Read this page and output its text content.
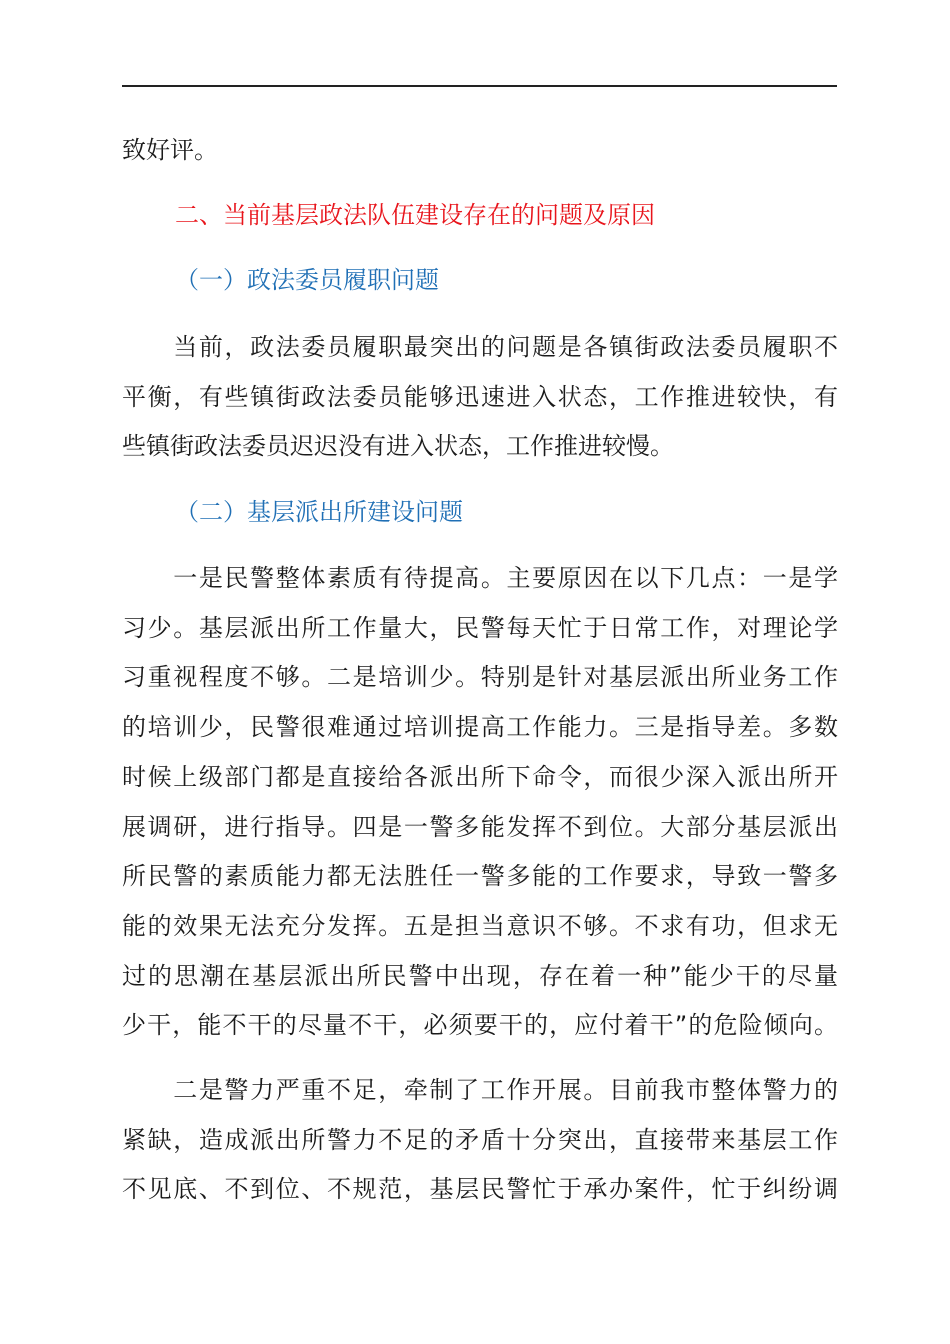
致好评。
二、当前基层政法队伍建设存在的问题及原因
（一）政法委员履职问题
　　当前，政法委员履职最突出的问题是各镇街政法委员履职不
平衡，有些镇街政法委员能够迅速进入状态，工作推进较快，有
些镇街政法委员迟迟没有进入状态，工作推进较慢。
（二）基层派出所建设问题
　　一是民警整体素质有待提高。主要原因在以下几点：一是学
习少。基层派出所工作量大，民警每天忙于日常工作，对理论学
习重视程度不够。二是培训少。特别是针对基层派出所业务工作
的培训少，民警很难通过培训提高工作能力。三是指导差。多数
时候上级部门都是直接给各派出所下命令，而很少深入派出所开
展调研，进行指导。四是一警多能发挥不到位。大部分基层派出
所民警的素质能力都无法胜任一警多能的工作要求，导致一警多
能的效果无法充分发挥。五是担当意识不够。不求有功，但求无
过的思潮在基层派出所民警中出现，存在着一种”能少干的尽量
少干，能不干的尽量不干，必须要干的，应付着干”的危险倾向。
　　二是警力严重不足，牵制了工作开展。目前我市整体警力的
紧缺，造成派出所警力不足的矛盾十分突出，直接带来基层工作
不见底、不到位、不规范，基层民警忙于承办案件，忙于纠纷调
